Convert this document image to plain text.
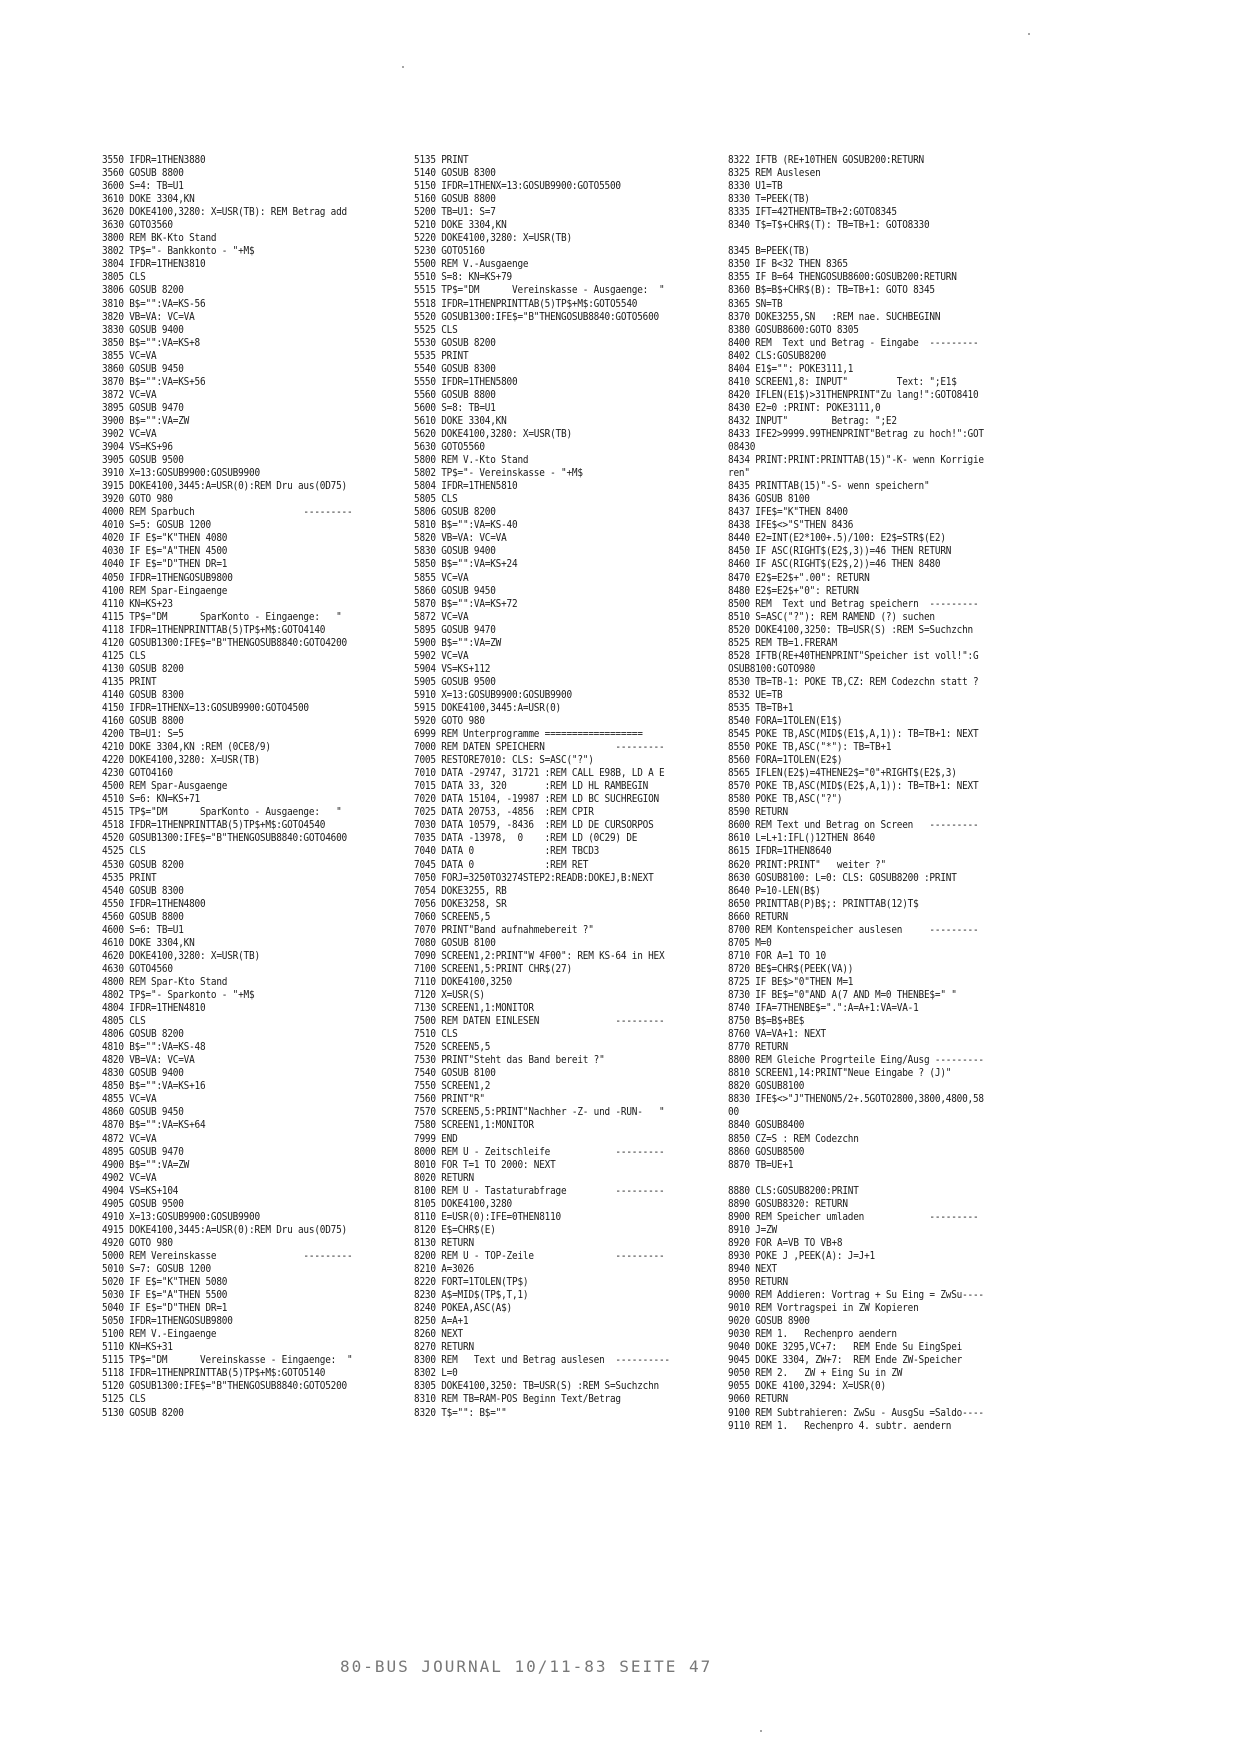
3550 IFDR=1THEN3880
3560 GOSUB 8800
3600 S=4: TB=U1
3610 DOKE 3304,KN
3620 DOKE4100,3280: X=USR(TB): REM Betrag add
3630 GOTO3560
3800 REM BK-Kto Stand
3802 TP$="- Bankkonto - "+M$
3804 IFDR=1THEN3810
3805 CLS
3806 GOSUB 8200
3810 B$="":VA=KS-56
3820 VB=VA: VC=VA
3830 GOSUB 9400
3850 B$="":VA=KS+8
3855 VC=VA
3860 GOSUB 9450
3870 B$="":VA=KS+56
3872 VC=VA
3895 GOSUB 9470
3900 B$="":VA=ZW
3902 VC=VA
3904 VS=KS+96
3905 GOSUB 9500
3910 X=13:GOSUB9900:GOSUB9900
3915 DOKE4100,3445:A=USR(0):REM Dru aus(0D75)
3920 GOTO 980
4000 REM Sparbuch                    ---------
4010 S=5: GOSUB 1200
4020 IF E$="K"THEN 4080
4030 IF E$="A"THEN 4500
4040 IF E$="D"THEN DR=1
4050 IFDR=1THENGOSUB9800
4100 REM Spar-Eingaenge
4110 KN=KS+23
4115 TP$="DM      SparKonto - Eingaenge:   "
4118 IFDR=1THENPRINTTAB(5)TP$+M$:GOTO4140
4120 GOSUB1300:IFE$="B"THENGOSUB8840:GOTO4200
4125 CLS
4130 GOSUB 8200
4135 PRINT
4140 GOSUB 8300
4150 IFDR=1THENX=13:GOSUB9900:GOTO4500
4160 GOSUB 8800
4200 TB=U1: S=5
4210 DOKE 3304,KN :REM (0CE8/9)
4220 DOKE4100,3280: X=USR(TB)
4230 GOTO4160
4500 REM Spar-Ausgaenge
4510 S=6: KN=KS+71
4515 TP$="DM      SparKonto - Ausgaenge:   "
4518 IFDR=1THENPRINTTAB(5)TP$+M$:GOTO4540
4520 GOSUB1300:IFE$="B"THENGOSUB8840:GOTO4600
4525 CLS
4530 GOSUB 8200
4535 PRINT
4540 GOSUB 8300
4550 IFDR=1THEN4800
4560 GOSUB 8800
4600 S=6: TB=U1
4610 DOKE 3304,KN
4620 DOKE4100,3280: X=USR(TB)
4630 GOTO4560
4800 REM Spar-Kto Stand
4802 TP$="- Sparkonto - "+M$
4804 IFDR=1THEN4810
4805 CLS
4806 GOSUB 8200
4810 B$="":VA=KS-48
4820 VB=VA: VC=VA
4830 GOSUB 9400
4850 B$="":VA=KS+16
4855 VC=VA
4860 GOSUB 9450
4870 B$="":VA=KS+64
4872 VC=VA
4895 GOSUB 9470
4900 B$="":VA=ZW
4902 VC=VA
4904 VS=KS+104
4905 GOSUB 9500
4910 X=13:GOSUB9900:GOSUB9900
4915 DOKE4100,3445:A=USR(0):REM Dru aus(0D75)
4920 GOTO 980
5000 REM Vereinskasse                ---------
5010 S=7: GOSUB 1200
5020 IF E$="K"THEN 5080
5030 IF E$="A"THEN 5500
5040 IF E$="D"THEN DR=1
5050 IFDR=1THENGOSUB9800
5100 REM V.-Eingaenge
5110 KN=KS+31
5115 TP$="DM      Vereinskasse - Eingaenge:  "
5118 IFDR=1THENPRINTTAB(5)TP$+M$:GOTO5140
5120 GOSUB1300:IFE$="B"THENGOSUB8840:GOTO5200
5125 CLS
5130 GOSUB 8200
5135 PRINT
5140 GOSUB 8300
5150 IFDR=1THENX=13:GOSUB9900:GOTO5500
5160 GOSUB 8800
5200 TB=U1: S=7
5210 DOKE 3304,KN
5220 DOKE4100,3280: X=USR(TB)
5230 GOTO5160
5500 REM V.-Ausgaenge
5510 S=8: KN=KS+79
5515 TP$="DM      Vereinskasse - Ausgaenge:  "
5518 IFDR=1THENPRINTTAB(5)TP$+M$:GOTO5540
5520 GOSUB1300:IFE$="B"THENGOSUB8840:GOTO5600
5525 CLS
5530 GOSUB 8200
5535 PRINT
5540 GOSUB 8300
5550 IFDR=1THEN5800
5560 GOSUB 8800
5600 S=8: TB=U1
5610 DOKE 3304,KN
5620 DOKE4100,3280: X=USR(TB)
5630 GOTO5560
5800 REM V.-Kto Stand
5802 TP$="- Vereinskasse - "+M$
5804 IFDR=1THEN5810
5805 CLS
5806 GOSUB 8200
5810 B$="":VA=KS-40
5820 VB=VA: VC=VA
5830 GOSUB 9400
5850 B$="":VA=KS+24
5855 VC=VA
5860 GOSUB 9450
5870 B$="":VA=KS+72
5872 VC=VA
5895 GOSUB 9470
5900 B$="":VA=ZW
5902 VC=VA
5904 VS=KS+112
5905 GOSUB 9500
5910 X=13:GOSUB9900:GOSUB9900
5915 DOKE4100,3445:A=USR(0)
5920 GOTO 980
6999 REM Unterprogramme ==================
7000 REM DATEN SPEICHERN             ---------
7005 RESTORE7010: CLS: S=ASC("?")
7010 DATA -29747, 31721 :REM CALL E98B, LD A E
7015 DATA 33, 320       :REM LD HL RAMBEGIN
7020 DATA 15104, -19987 :REM LD BC SUCHREGION
7025 DATA 20753, -4856  :REM CPIR
7030 DATA 10579, -8436  :REM LD DE CURSORPOS
7035 DATA -13978,  0    :REM LD (0C29) DE
7040 DATA 0             :REM TBCD3
7045 DATA 0             :REM RET
7050 FORJ=3250TO3274STEP2:READB:DOKEJ,B:NEXT
7054 DOKE3255, RB
7056 DOKE3258, SR
7060 SCREEN5,5
7070 PRINT"Band aufnahmebereit ?"
7080 GOSUB 8100
7090 SCREEN1,2:PRINT"W 4F00": REM KS-64 in HEX
7100 SCREEN1,5:PRINT CHR$(27)
7110 DOKE4100,3250
7120 X=USR(S)
7130 SCREEN1,1:MONITOR
7500 REM DATEN EINLESEN              ---------
7510 CLS
7520 SCREEN5,5
7530 PRINT"Steht das Band bereit ?"
7540 GOSUB 8100
7550 SCREEN1,2
7560 PRINT"R"
7570 SCREEN5,5:PRINT"Nachher -Z- und -RUN-   "
7580 SCREEN1,1:MONITOR
7999 END
8000 REM U - Zeitschleife            ---------
8010 FOR T=1 TO 2000: NEXT
8020 RETURN
8100 REM U - Tastaturabfrage         ---------
8105 DOKE4100,3280
8110 E=USR(0):IFE=0THEN8110
8120 E$=CHR$(E)
8130 RETURN
8200 REM U - TOP-Zeile               ---------
8210 A=3026
8220 FORT=1TOLEN(TP$)
8230 A$=MID$(TP$,T,1)
8240 POKEA,ASC(A$)
8250 A=A+1
8260 NEXT
8270 RETURN
8300 REM   Text und Betrag auslesen  ----------
8302 L=0
8305 DOKE4100,3250: TB=USR(S) :REM S=Suchzchn
8310 REM TB=RAM-POS Beginn Text/Betrag
8320 T$="": B$=""
8322 IFTB (RE+10THEN GOSUB200:RETURN
8325 REM Auslesen
8330 U1=TB
8330 T=PEEK(TB)
8335 IFT=42THENTB=TB+2:GOTO8345
8340 T$=T$+CHR$(T): TB=TB+1: GOTO8330
8345 B=PEEK(TB)
8350 IF B<32 THEN 8365
8355 IF B=64 THENGOSUB8600:GOSUB200:RETURN
8360 B$=B$+CHR$(B): TB=TB+1: GOTO 8345
8365 SN=TB
8370 DOKE3255,SN   :REM nae. SUCHBEGINN
8380 GOSUB8600:GOTO 8305
8400 REM  Text und Betrag - Eingabe  ---------
8402 CLS:GOSUB8200
8404 E1$="": POKE3111,1
8410 SCREEN1,8: INPUT"         Text: ";E1$
8420 IFLEN(E1$)>31THENPRINT"Zu lang!":GOTO8410
8430 E2=0 :PRINT: POKE3111,0
8432 INPUT"        Betrag: ";E2
8433 IFE2>9999.99THENPRINT"Betrag zu hoch!":GOT
08430
8434 PRINT:PRINT:PRINTTAB(15)"-K- wenn Korrigie
ren"
8435 PRINTTAB(15)"-S- wenn speichern"
8436 GOSUB 8100
8437 IFE$="K"THEN 8400
8438 IFE$<>"S"THEN 8436
8440 E2=INT(E2*100+.5)/100: E2$=STR$(E2)
8450 IF ASC(RIGHT$(E2$,3))=46 THEN RETURN
8460 IF ASC(RIGHT$(E2$,2))=46 THEN 8480
8470 E2$=E2$+".00": RETURN
8480 E2$=E2$+"0": RETURN
8500 REM  Text und Betrag speichern  ---------
8510 S=ASC("?"): REM RAMEND (?) suchen
8520 DOKE4100,3250: TB=USR(S) :REM S=Suchzchn
8525 REM TB=1.FRERAM
8528 IFTB(RE+40THENPRINT"Speicher ist voll!":G
OSUB8100:GOTO980
8530 TB=TB-1: POKE TB,CZ: REM Codezchn statt ?
8532 UE=TB
8535 TB=TB+1
8540 FORA=1TOLEN(E1$)
8545 POKE TB,ASC(MID$(E1$,A,1)): TB=TB+1: NEXT
8550 POKE TB,ASC("*"): TB=TB+1
8560 FORA=1TOLEN(E2$)
8565 IFLEN(E2$)=4THENE2$="0"+RIGHT$(E2$,3)
8570 POKE TB,ASC(MID$(E2$,A,1)): TB=TB+1: NEXT
8580 POKE TB,ASC("?")
8590 RETURN
8600 REM Text und Betrag on Screen   ---------
8610 L=L+1:IFL()12THEN 8640
8615 IFDR=1THEN8640
8620 PRINT:PRINT"   weiter ?"
8630 GOSUB8100: L=0: CLS: GOSUB8200 :PRINT
8640 P=10-LEN(B$)
8650 PRINTTAB(P)B$;: PRINTTAB(12)T$
8660 RETURN
8700 REM Kontenspeicher auslesen     ---------
8705 M=0
8710 FOR A=1 TO 10
8720 BE$=CHR$(PEEK(VA))
8725 IF BE$>"0"THEN M=1
8730 IF BE$="0"AND A(7 AND M=0 THENBE$=" "
8740 IFA=7THENBE$=".":A=A+1:VA=VA-1
8750 B$=B$+BE$
8760 VA=VA+1: NEXT
8770 RETURN
8800 REM Gleiche Progrteile Eing/Ausg ---------
8810 SCREEN1,14:PRINT"Neue Eingabe ? (J)"
8820 GOSUB8100
8830 IFE$<>"J"THENON5/2+.5GOTO2800,3800,4800,58
00
8840 GOSUB8400
8850 CZ=S : REM Codezchn
8860 GOSUB8500
8870 TB=UE+1
8880 CLS:GOSUB8200:PRINT
8890 GOSUB8320: RETURN
8900 REM Speicher umladen            ---------
8910 J=ZW
8920 FOR A=VB TO VB+8
8930 POKE J ,PEEK(A): J=J+1
8940 NEXT
8950 RETURN
9000 REM Addieren: Vortrag + Su Eing = ZwSu----
9010 REM Vortragspei in ZW Kopieren
9020 GOSUB 8900
9030 REM 1.   Rechenpro aendern
9040 DOKE 3295,VC+7:   REM Ende Su EingSpei
9045 DOKE 3304, ZW+7:  REM Ende ZW-Speicher
9050 REM 2.   ZW + Eing Su in ZW
9055 DOKE 4100,3294: X=USR(0)
9060 RETURN
9100 REM Subtrahieren: ZwSu - AusgSu =Saldo----
9110 REM 1.   Rechenpro 4. subtr. aendern
80-BUS JOURNAL 10/11-83 SEITE 47
